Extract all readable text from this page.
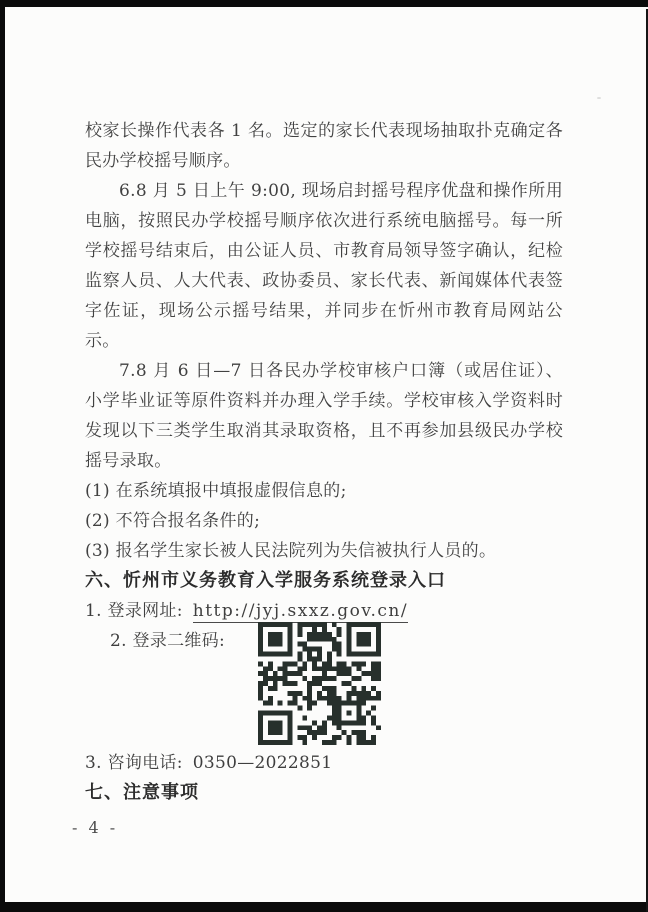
校家长操作代表各 1 名。选定的家长代表现场抽取扑克确定各民办学校摇号顺序。

6.8 月 5 日上午 9:00, 现场启封摇号程序优盘和操作所用电脑，按照民办学校摇号顺序依次进行系统电脑摇号。每一所学校摇号结束后，由公证人员、市教育局领导签字确认，纪检监察人员、人大代表、政协委员、家长代表、新闻媒体代表签字佐证，现场公示摇号结果，并同步在忻州市教育局网站公示。

7.8 月 6 日—7 日各民办学校审核户口簿（或居住证）、小学毕业证等原件资料并办理入学手续。学校审核入学资料时发现以下三类学生取消其录取资格，且不再参加县级民办学校摇号录取。

(1) 在系统填报中填报虚假信息的;

(2) 不符合报名条件的;

(3) 报名学生家长被人民法院列为失信被执行人员的。

六、忻州市义务教育入学服务系统登录入口

1. 登录网址: http://jyj.sxxz.gov.cn/

2. 登录二维码:

3. 咨询电话: 0350—2022851

七、注意事项
- 4 -
